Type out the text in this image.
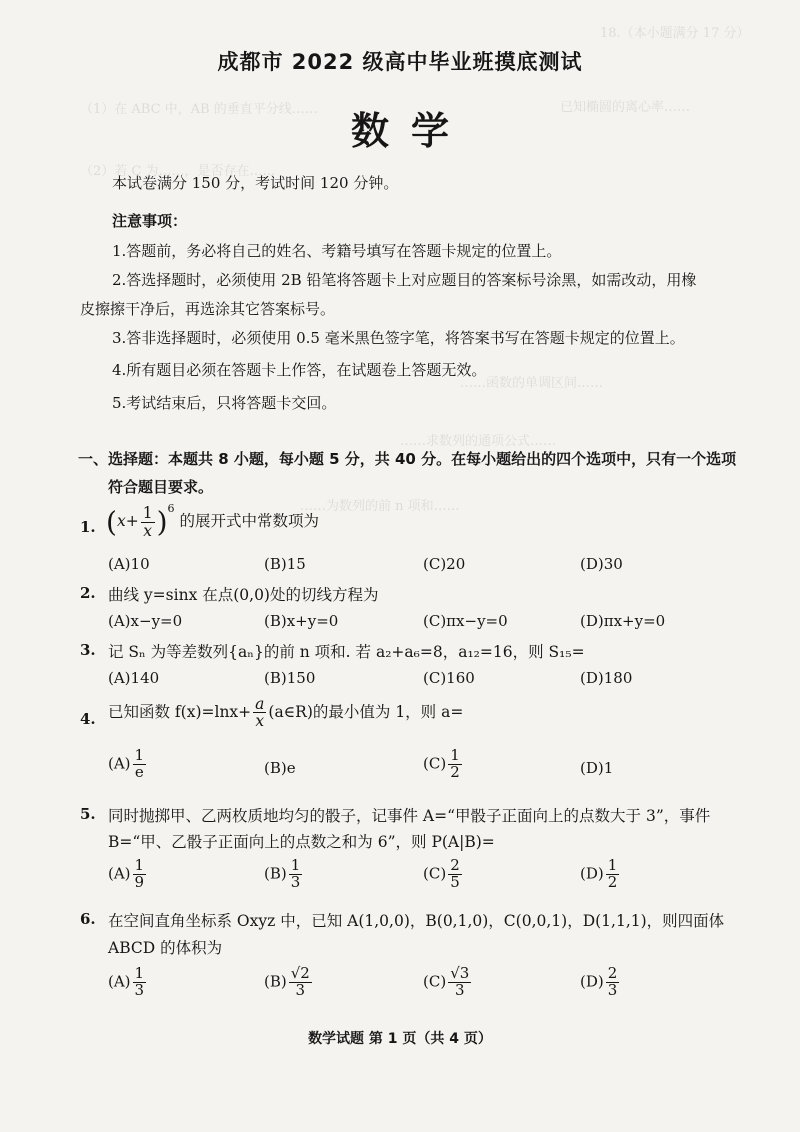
18.（本小题满分 17 分）
已知椭圆的离心率……
（1）在 ABC 中，AB 的垂直平分线……
（2）若 C 为……，是否存在……
……函数的单调区间……
……求数列的通项公式……
……为数列的前 n 项和……
成都市 2022 级高中毕业班摸底测试
数学
本试卷满分 150 分，考试时间 120 分钟。
注意事项：
1.答题前，务必将自己的姓名、考籍号填写在答题卡规定的位置上。
2.答选择题时，必须使用 2B 铅笔将答题卡上对应题目的答案标号涂黑，如需改动，用橡
皮擦擦干净后，再选涂其它答案标号。
3.答非选择题时，必须使用 0.5 毫米黑色签字笔，将答案书写在答题卡规定的位置上。
4.所有题目必须在答题卡上作答，在试题卷上答题无效。
5.考试结束后，只将答题卡交回。
一、选择题：本题共 8 小题，每小题 5 分，共 40 分。在每小题给出的四个选项中，只有一个选项
符合题目要求。
1. $(x+ \frac{1}{x} )^6$ 的展开式中常数项为
(A)10	(B)15	(C)20	(D)30
2. 曲线 y=sinx 在点(0,0)处的切线方程为
(A)x−y=0	(B)x+y=0	(C)πx−y=0	(D)πx+y=0
3. 记 Sₙ 为等差数列{aₙ}的前 n 项和. 若 a₂+a₆=8，a₁₂=16，则 S₁₅=
(A)140	(B)150	(C)160	(D)180
4. 已知函数 $f(x)=\ln x+ \frac{a}{x}$ (a∈R)的最小值为 1，则 a=
$(A) \frac{1}{e}$	(B)e	$(C) \frac{1}{2}$	(D)1
5. 同时抛掷甲、乙两枚质地均匀的骰子，记事件 A=“甲骰子正面向上的点数大于 3”，事件
B=“甲、乙骰子正面向上的点数之和为 6”，则 P(A|B)=
$(A) \frac{1}{9}$	$(B) \frac{1}{3}$	$(C) \frac{2}{5}$	$(D) \frac{1}{2}$
6. 在空间直角坐标系 Oxyz 中，已知 A(1,0,0)，B(0,1,0)，C(0,0,1)，D(1,1,1)，则四面体
ABCD 的体积为
$(A) \frac{1}{3}$	$(B) \frac{√2}{3}$	$(C) \frac{√3}{3}$	$(D) \frac{2}{3}$
数学试题 第 1 页（共 4 页）
